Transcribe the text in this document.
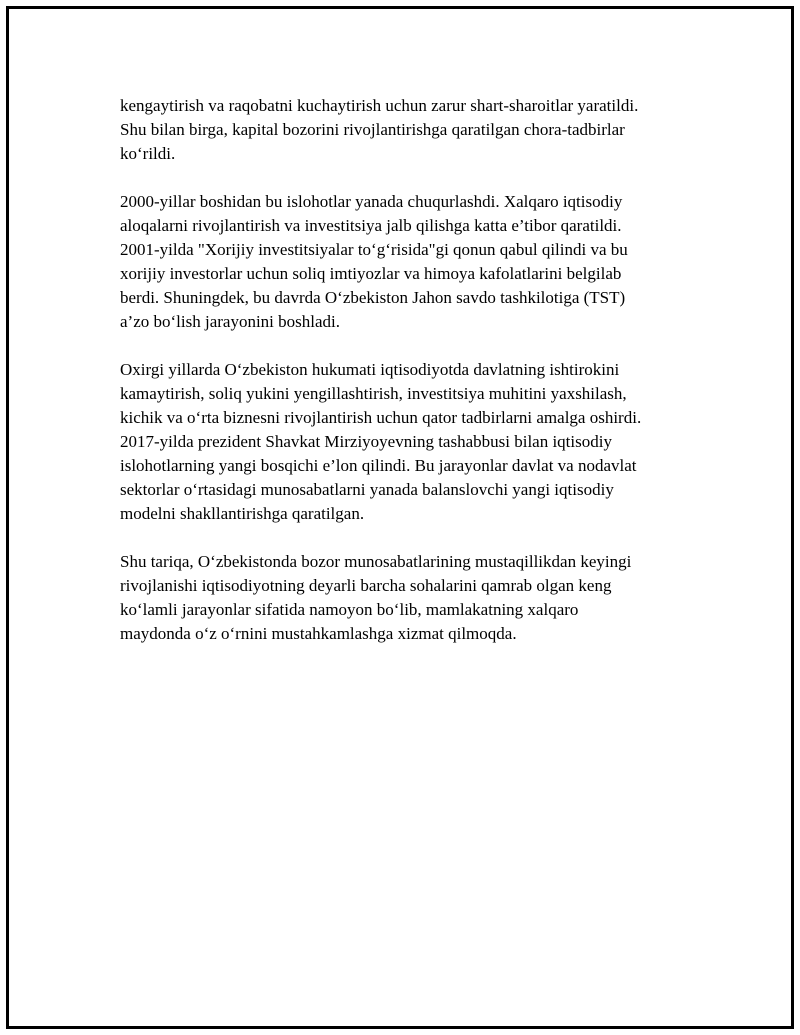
kengaytirish va raqobatni kuchaytirish uchun zarur shart-sharoitlar yaratildi.
Shu bilan birga, kapital bozorini rivojlantirishga qaratilgan chora-tadbirlar
ko‘rildi.

2000-yillar boshidan bu islohotlar yanada chuqurlashdi. Xalqaro iqtisodiy
aloqalarni rivojlantirish va investitsiya jalb qilishga katta e’tibor qaratildi.
2001-yilda "Xorijiy investitsiyalar to‘g‘risida"gi qonun qabul qilindi va bu
xorijiy investorlar uchun soliq imtiyozlar va himoya kafolatlarini belgilab
berdi. Shuningdek, bu davrda O‘zbekiston Jahon savdo tashkilotiga (TST)
a’zo bo‘lish jarayonini boshladi.

Oxirgi yillarda O‘zbekiston hukumati iqtisodiyotda davlatning ishtirokini
kamaytirish, soliq yukini yengillashtirish, investitsiya muhitini yaxshilash,
kichik va o‘rta biznesni rivojlantirish uchun qator tadbirlarni amalga oshirdi.
2017-yilda prezident Shavkat Mirziyoyevning tashabbusi bilan iqtisodiy
islohotlarning yangi bosqichi e’lon qilindi. Bu jarayonlar davlat va nodavlat
sektorlar o‘rtasidagi munosabatlarni yanada balanslovchi yangi iqtisodiy
modelni shakllantirishga qaratilgan.

Shu tariqa, O‘zbekistonda bozor munosabatlarining mustaqillikdan keyingi
rivojlanishi iqtisodiyotning deyarli barcha sohalarini qamrab olgan keng
ko‘lamli jarayonlar sifatida namoyon bo‘lib, mamlakatning xalqaro
maydonda o‘z o‘rnini mustahkamlashga xizmat qilmoqda.
